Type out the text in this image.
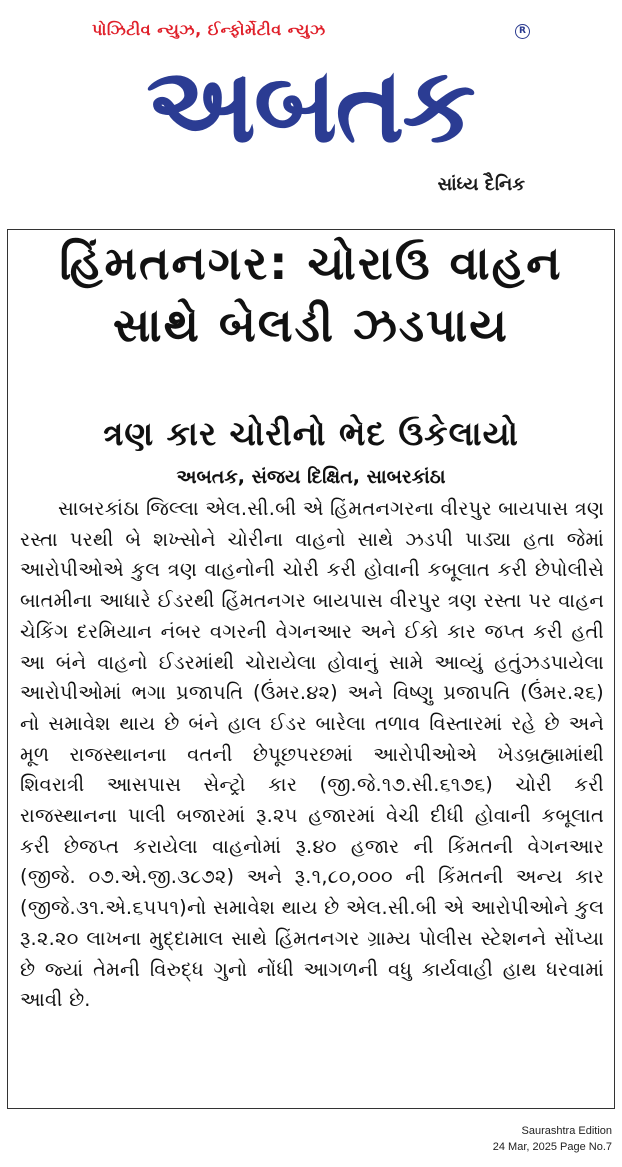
પોઝિટીવ ન્યુઝ, ઈન્ફોર્મેટીવ ન્યુઝ	R
અબતક
સાંધ્ય દૈનિક
હિંમતનગર: ચોરાઉ વાહન સાથે બેલડી ઝડપાય
ત્રણ કાર ચોરીનો ભેદ ઉકેલાયો
અબતક, સંજય દિક્ષિત, સાબરકાંઠા

સાબરકાંઠા જિલ્લા એલ.સી.બી એ હિંમતનગરના વીરપુર બાયપાસ ત્રણ રસ્તા પરથી બે શખ્સોને ચોરીના વાહનો સાથે ઝડપી પાડ્યા હતા જેમાં આરોપીઓએ કુલ ત્રણ વાહનોની ચોરી કરી હોવાની કબૂલાત કરી છેપોલીસે બાતમીના આધારે ઈડરથી હિંમતનગર બાયપાસ વીરપુર ત્રણ રસ્તા પર વાહન ચેકિંગ દરમિયાન નંબર વગરની વેગનઆર અને ઈકો કાર જપ્ત કરી હતી આ બંને વાહનો ઈડરમાંથી ચોરાયેલા હોવાનું સામે આવ્યું હતુંઝડપાયેલા આરોપીઓમાં ભગા પ્રજાપતિ (ઉંમર.૪૨) અને વિષ્ણુ પ્રજાપતિ (ઉંમર.૨૬) નો સમાવેશ થાય છે બંને હાલ ઈડર બારેલા તળાવ વિસ્તારમાં રહે છે અને મૂળ રાજસ્થાનના વતની છેપૂછપરછમાં આરોપીઓએ ખેડબ્રહ્મામાંથી શિવરાત્રી આસપાસ સેન્ટ્રો કાર (જી.જે.૧૭.સી.૬૧૭૬) ચોરી કરી રાજસ્થાનના પાલી બજારમાં રૂ.૨૫ હજારમાં વેચી દીધી હોવાની કબૂલાત કરી છેજપ્ત કરાયેલા વાહનોમાં રૂ.૪૦ હજાર ની કિંમતની વેગનઆર (જીજે. ૦૭.એ.જી.૩૮૭૨) અને રૂ.૧,૮૦,૦૦૦ ની કિંમતની અન્ય કાર (જીજે.૩૧.એ.૬૫૫૧)નો સમાવેશ થાય છે એલ.સી.બી એ આરોપીઓને કુલ રૂ.૨.૨૦ લાખના મુદ્દામાલ સાથે હિંમતનગર ગ્રામ્ય પોલીસ સ્ટેશનને સોંપ્યા છે જ્યાં તેમની વિરુદ્ધ ગુનો નોંધી આગળની વધુ કાર્યવાહી હાથ ધરવામાં આવી છે.

Saurashtra Edition
24 Mar, 2025 Page No.7
